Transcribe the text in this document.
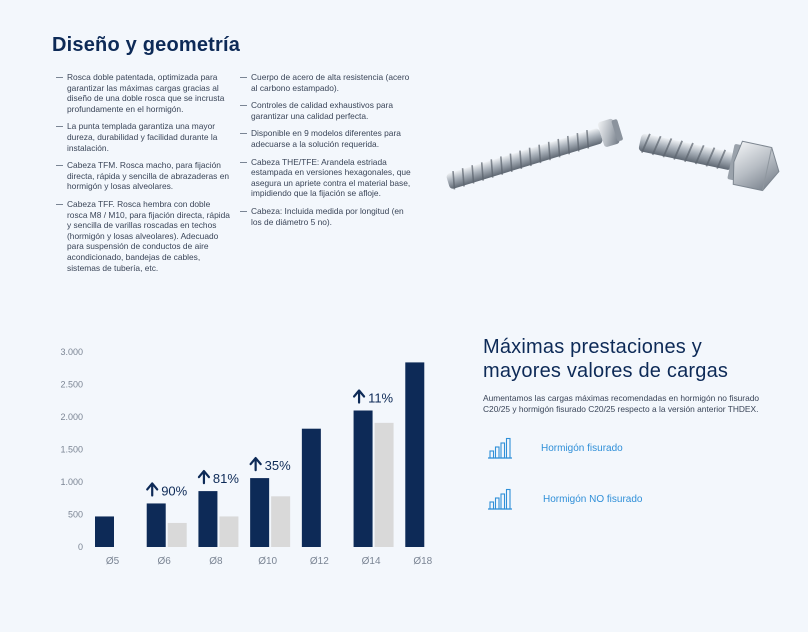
Diseño y geometría
Rosca doble patentada, optimizada para garantizar las máximas cargas gracias al diseño de una doble rosca que se incrusta profundamente en el hormigón.
La punta templada garantiza una mayor dureza, durabilidad y facilidad durante la instalación.
Cabeza TFM. Rosca macho, para fijación directa, rápida y sencilla de abrazaderas en hormigón y losas alveolares.
Cabeza TFF. Rosca hembra con doble rosca M8 / M10, para fijación directa, rápida y sencilla de varillas roscadas en techos (hormigón y losas alveolares). Adecuado para suspensión de conductos de aire acondicionado, bandejas de cables, sistemas de tubería, etc.
Cuerpo de acero de alta resistencia (acero al carbono estampado).
Controles de calidad exhaustivos para garantizar una calidad perfecta.
Disponible en 9 modelos diferentes para adecuarse a la solución requerida.
Cabeza THE/TFE: Arandela estriada estampada en versiones hexagonales, que asegura un apriete contra el material base, impidiendo que la fijación se afloje.
Cabeza: Incluida medida por longitud (en los de diámetro 5 no).
0
500
1.000
1.500
2.000
2.500
3.000
Ø5	Ø6	Ø8	Ø10	Ø12	Ø14	Ø18
90%
81%
35%
11%
Máximas prestaciones y
mayores valores de cargas
Aumentamos las cargas máximas recomendadas en hormigón no fisurado C20/25 y hormigón fisurado C20/25 respecto a la versión anterior THDEX.
Hormigón fisurado
Hormigón NO fisurado
